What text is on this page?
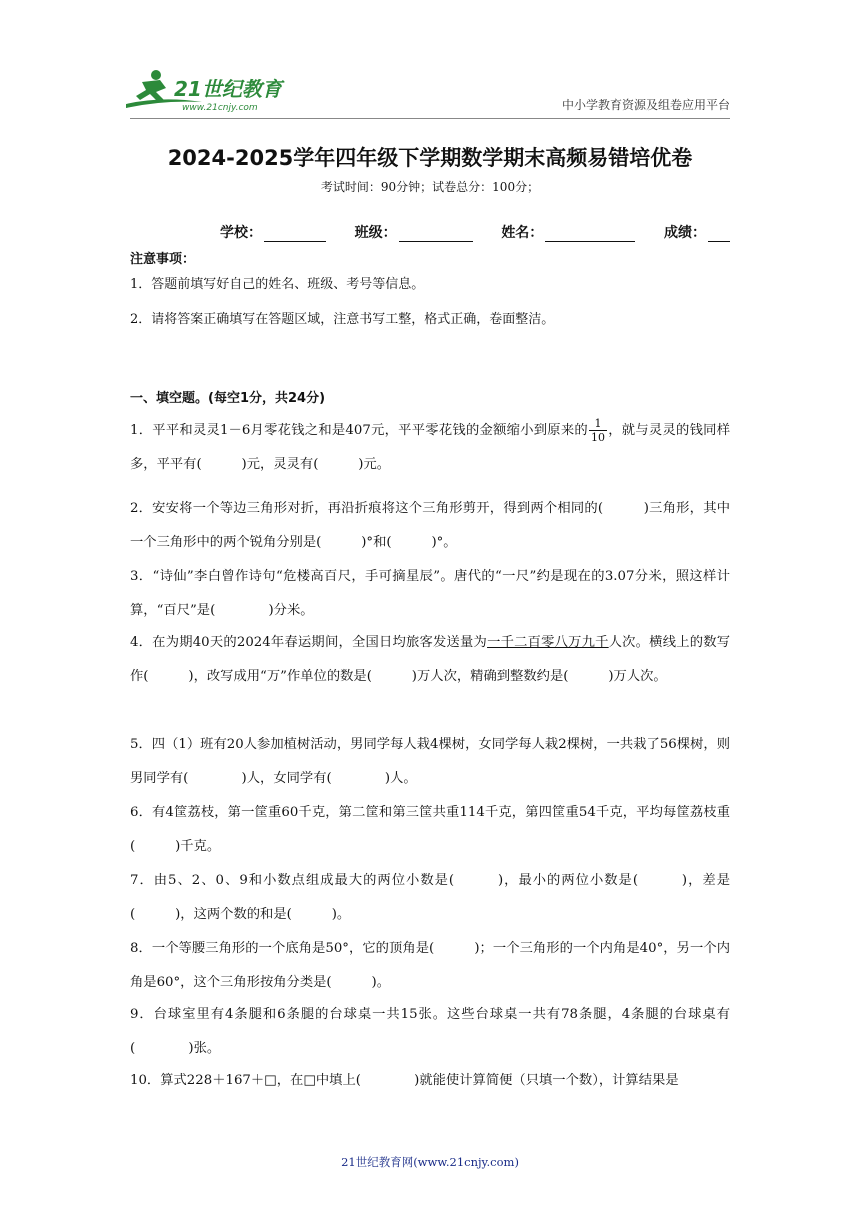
21世纪教育
www.21cnjy.com	中小学教育资源及组卷应用平台
2024-2025学年四年级下学期数学期末高频易错培优卷
考试时间：90分钟；试卷总分：100分；
学校：	班级：	姓名：	成绩：
注意事项：
1．答题前填写好自己的姓名、班级、考号等信息。
2．请将答案正确填写在答题区域，注意书写工整，格式正确，卷面整洁。
一、填空题。(每空1分，共24分)
1．平平和灵灵1－6月零花钱之和是407元，平平零花钱的金额缩小到原来的 $\frac{1}{10}$ ，就与灵灵的钱同样多，平平有(　　　)元，灵灵有(　　　)元。
2．安安将一个等边三角形对折，再沿折痕将这个三角形剪开，得到两个相同的(　　　)三角形，其中一个三角形中的两个锐角分别是(　　　)°和(　　　)°。
3．“诗仙”李白曾作诗句“危楼高百尺，手可摘星辰”。唐代的“一尺”约是现在的3.07分米，照这样计算，“百尺”是(　　　　)分米。
4．在为期40天的2024年春运期间，全国日均旅客发送量为一千二百零八万九千人次。横线上的数写作(　　　)，改写成用“万”作单位的数是(　　　)万人次，精确到整数约是(　　　)万人次。
5．四（1）班有20人参加植树活动，男同学每人栽4棵树，女同学每人栽2棵树，一共栽了56棵树，则男同学有(　　　　)人，女同学有(　　　　)人。
6．有4筐荔枝，第一筐重60千克，第二筐和第三筐共重114千克，第四筐重54千克，平均每筐荔枝重(　　　)千克。
7．由5、2、0、9和小数点组成最大的两位小数是(　　　)，最小的两位小数是(　　　)，差是(　　　)，这两个数的和是(　　　)。
8．一个等腰三角形的一个底角是50°，它的顶角是(　　　)；一个三角形的一个内角是40°，另一个内角是60°，这个三角形按角分类是(　　　)。
9．台球室里有4条腿和6条腿的台球桌一共15张。这些台球桌一共有78条腿，4条腿的台球桌有(　　　　)张。
10．算式228＋167＋□，在□中填上(　　　　)就能使计算简便（只填一个数），计算结果是
21世纪教育网(www.21cnjy.com)
